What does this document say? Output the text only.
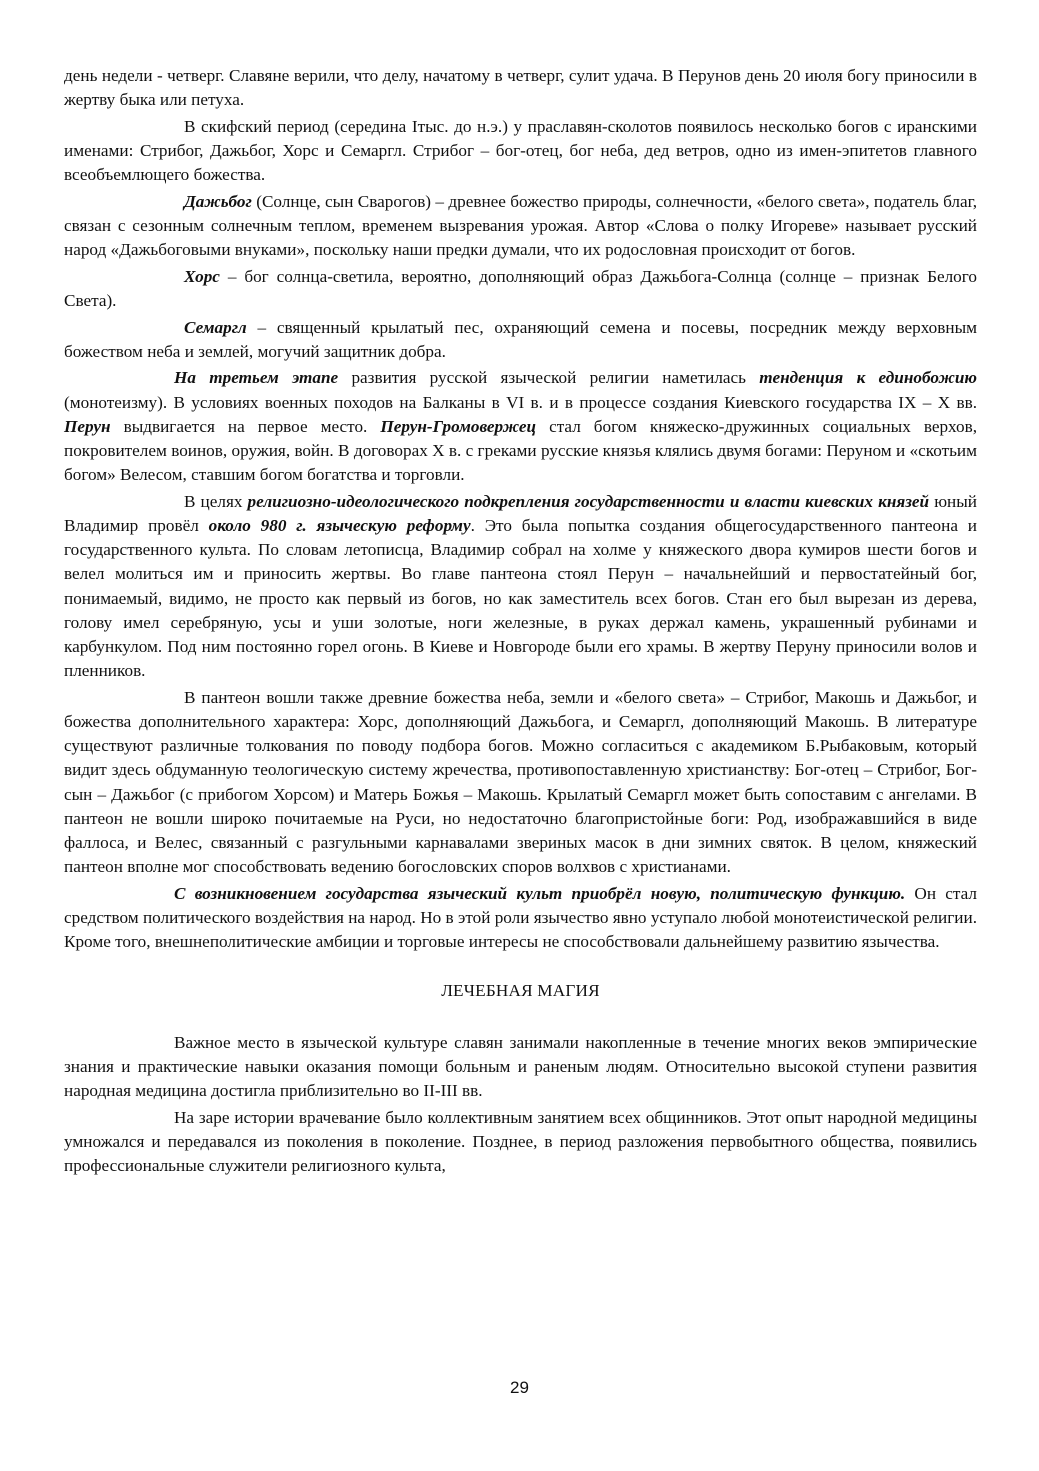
день недели - четверг. Славяне верили, что делу, начатому в четверг, сулит удача. В Перунов день 20 июля богу приносили в жертву быка или петуха.

В скифский период (середина Iтыс. до н.э.) у праславян-сколотов появилось несколько богов с иранскими именами: Стрибог, Дажьбог, Хорс и Семаргл. Стрибог – бог-отец, бог неба, дед ветров, одно из имен-эпитетов главного всеобъемлющего божества.

Дажьбог (Солнце, сын Сварогов) – древнее божество природы, солнечности, «белого света», податель благ, связан с сезонным солнечным теплом, временем вызревания урожая. Автор «Слова о полку Игореве» называет русский народ «Дажьбоговыми внуками», поскольку наши предки думали, что их родословная происходит от богов.

Хорс – бог солнца-светила, вероятно, дополняющий образ Дажьбога-Солнца (солнце – признак Белого Света).

Семаргл – священный крылатый пес, охраняющий семена и посевы, посредник между верховным божеством неба и землей, могучий защитник добра.

На третьем этапе развития русской языческой религии наметилась тенденция к единобожию (монотеизму). В условиях военных походов на Балканы в VI в. и в процессе создания Киевского государства IX – X вв. Перун выдвигается на первое место. Перун-Громовержец стал богом княжеско-дружинных социальных верхов, покровителем воинов, оружия, войн. В договорах X в. с греками русские князья клялись двумя богами: Перуном и «скотьим богом» Велесом, ставшим богом богатства и торговли.

В целях религиозно-идеологического подкрепления государственности и власти киевских князей юный Владимир провёл около 980 г. языческую реформу. Это была попытка создания общегосударственного пантеона и государственного культа. По словам летописца, Владимир собрал на холме у княжеского двора кумиров шести богов и велел молиться им и приносить жертвы. Во главе пантеона стоял Перун – начальнейший и первостатейный бог, понимаемый, видимо, не просто как первый из богов, но как заместитель всех богов. Стан его был вырезан из дерева, голову имел серебряную, усы и уши золотые, ноги железные, в руках держал камень, украшенный рубинами и карбункулом. Под ним постоянно горел огонь. В Киеве и Новгороде были его храмы. В жертву Перуну приносили волов и пленников.

В пантеон вошли также древние божества неба, земли и «белого света» – Стрибог, Макошь и Дажьбог, и божества дополнительного характера: Хорс, дополняющий Дажьбога, и Семаргл, дополняющий Макошь. В литературе существуют различные толкования по поводу подбора богов. Можно согласиться с академиком Б.Рыбаковым, который видит здесь обдуманную теологическую систему жречества, противопоставленную христианству: Бог-отец – Стрибог, Бог-сын – Дажьбог (с прибогом Хорсом) и Матерь Божья – Макошь. Крылатый Семаргл может быть сопоставим с ангелами. В пантеон не вошли широко почитаемые на Руси, но недостаточно благопристойные боги: Род, изображавшийся в виде фаллоса, и Велес, связанный с разгульными карнавалами звериных масок в дни зимних святок. В целом, княжеский пантеон вполне мог способствовать ведению богословских споров волхвов с христианами.

С возникновением государства языческий культ приобрёл новую, политическую функцию. Он стал средством политического воздействия на народ. Но в этой роли язычество явно уступало любой монотеистической религии. Кроме того, внешнеполитические амбиции и торговые интересы не способствовали дальнейшему развитию язычества.

ЛЕЧЕБНАЯ МАГИЯ

Важное место в языческой культуре славян занимали накопленные в течение многих веков эмпирические знания и практические навыки оказания помощи больным и раненым людям. Относительно высокой ступени развития народная медицина достигла приблизительно во II-III вв.

На заре истории врачевание было коллективным занятием всех общинников. Этот опыт народной медицины умножался и передавался из поколения в поколение. Позднее, в период разложения первобытного общества, появились профессиональные служители религиозного культа,

29
